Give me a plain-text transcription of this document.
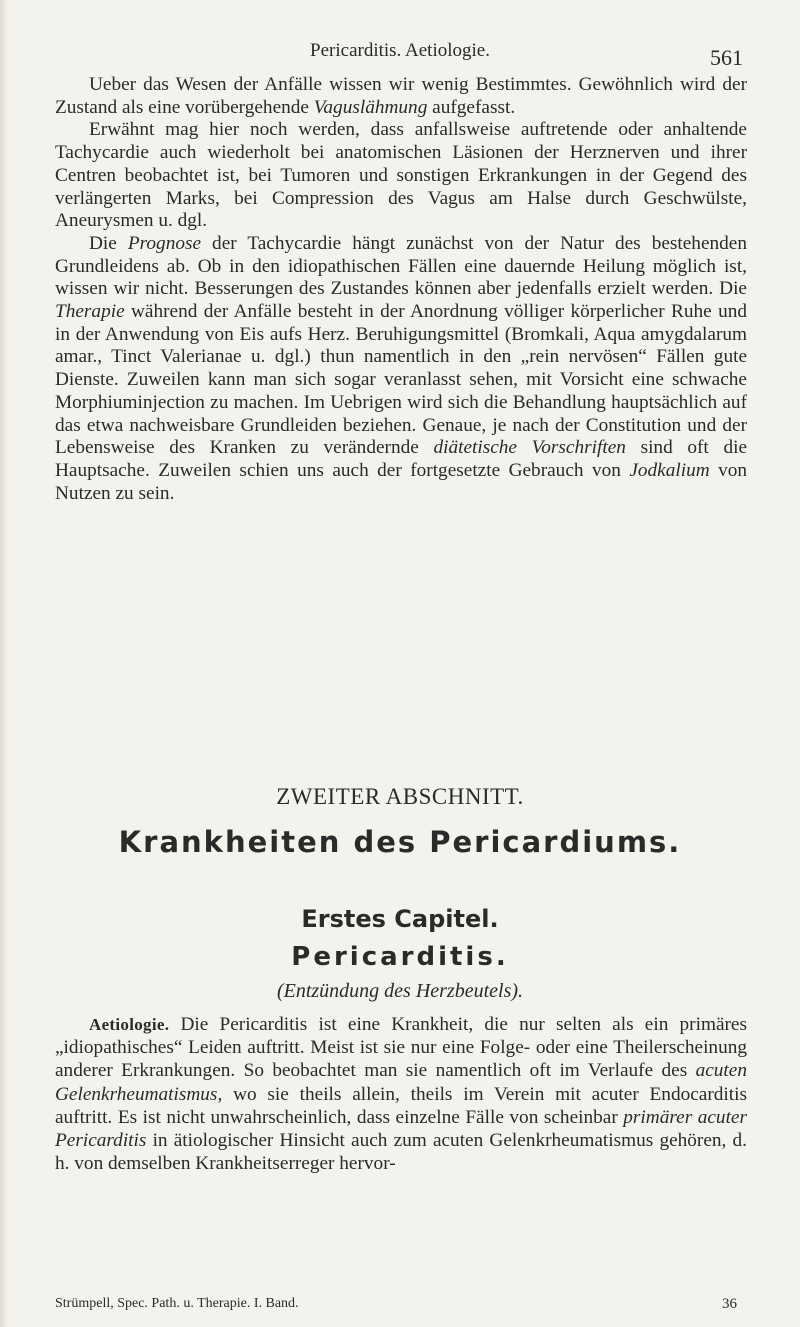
Pericarditis. Aetiologie.	561

Ueber das Wesen der Anfälle wissen wir wenig Bestimmtes. Gewöhnlich wird der Zustand als eine vorübergehende Vaguslähmung aufgefasst.

Erwähnt mag hier noch werden, dass anfallsweise auftretende oder anhaltende Tachycardie auch wiederholt bei anatomischen Läsionen der Herznerven und ihrer Centren beobachtet ist, bei Tumoren und sonstigen Erkrankungen in der Gegend des verlängerten Marks, bei Compression des Vagus am Halse durch Geschwülste, Aneurysmen u. dgl.

Die Prognose der Tachycardie hängt zunächst von der Natur des bestehenden Grundleidens ab. Ob in den idiopathischen Fällen eine dauernde Heilung möglich ist, wissen wir nicht. Besserungen des Zustandes können aber jedenfalls erzielt werden. Die Therapie während der Anfälle besteht in der Anordnung völliger körperlicher Ruhe und in der Anwendung von Eis aufs Herz. Beruhigungsmittel (Bromkali, Aqua amygdalarum amar., Tinct Valerianae u. dgl.) thun namentlich in den „rein nervösen“ Fällen gute Dienste. Zuweilen kann man sich sogar veranlasst sehen, mit Vorsicht eine schwache Morphiuminjection zu machen. Im Uebrigen wird sich die Behandlung hauptsächlich auf das etwa nachweisbare Grundleiden beziehen. Genaue, je nach der Constitution und der Lebensweise des Kranken zu verändernde diätetische Vorschriften sind oft die Hauptsache. Zuweilen schien uns auch der fortgesetzte Gebrauch von Jodkalium von Nutzen zu sein.

ZWEITER ABSCHNITT.
Krankheiten des Pericardiums.
Erstes Capitel.
Pericarditis.
(Entzündung des Herzbeutels).

Aetiologie. Die Pericarditis ist eine Krankheit, die nur selten als ein primäres „idiopathisches“ Leiden auftritt. Meist ist sie nur eine Folge- oder eine Theilerscheinung anderer Erkrankungen. So beobachtet man sie namentlich oft im Verlaufe des acuten Gelenkrheumatismus, wo sie theils allein, theils im Verein mit acuter Endocarditis auftritt. Es ist nicht unwahrscheinlich, dass einzelne Fälle von scheinbar primärer acuter Pericarditis in ätiologischer Hinsicht auch zum acuten Gelenkrheumatismus gehören, d. h. von demselben Krankheitserreger hervor-

Strümpell, Spec. Path. u. Therapie. I. Band.	36
